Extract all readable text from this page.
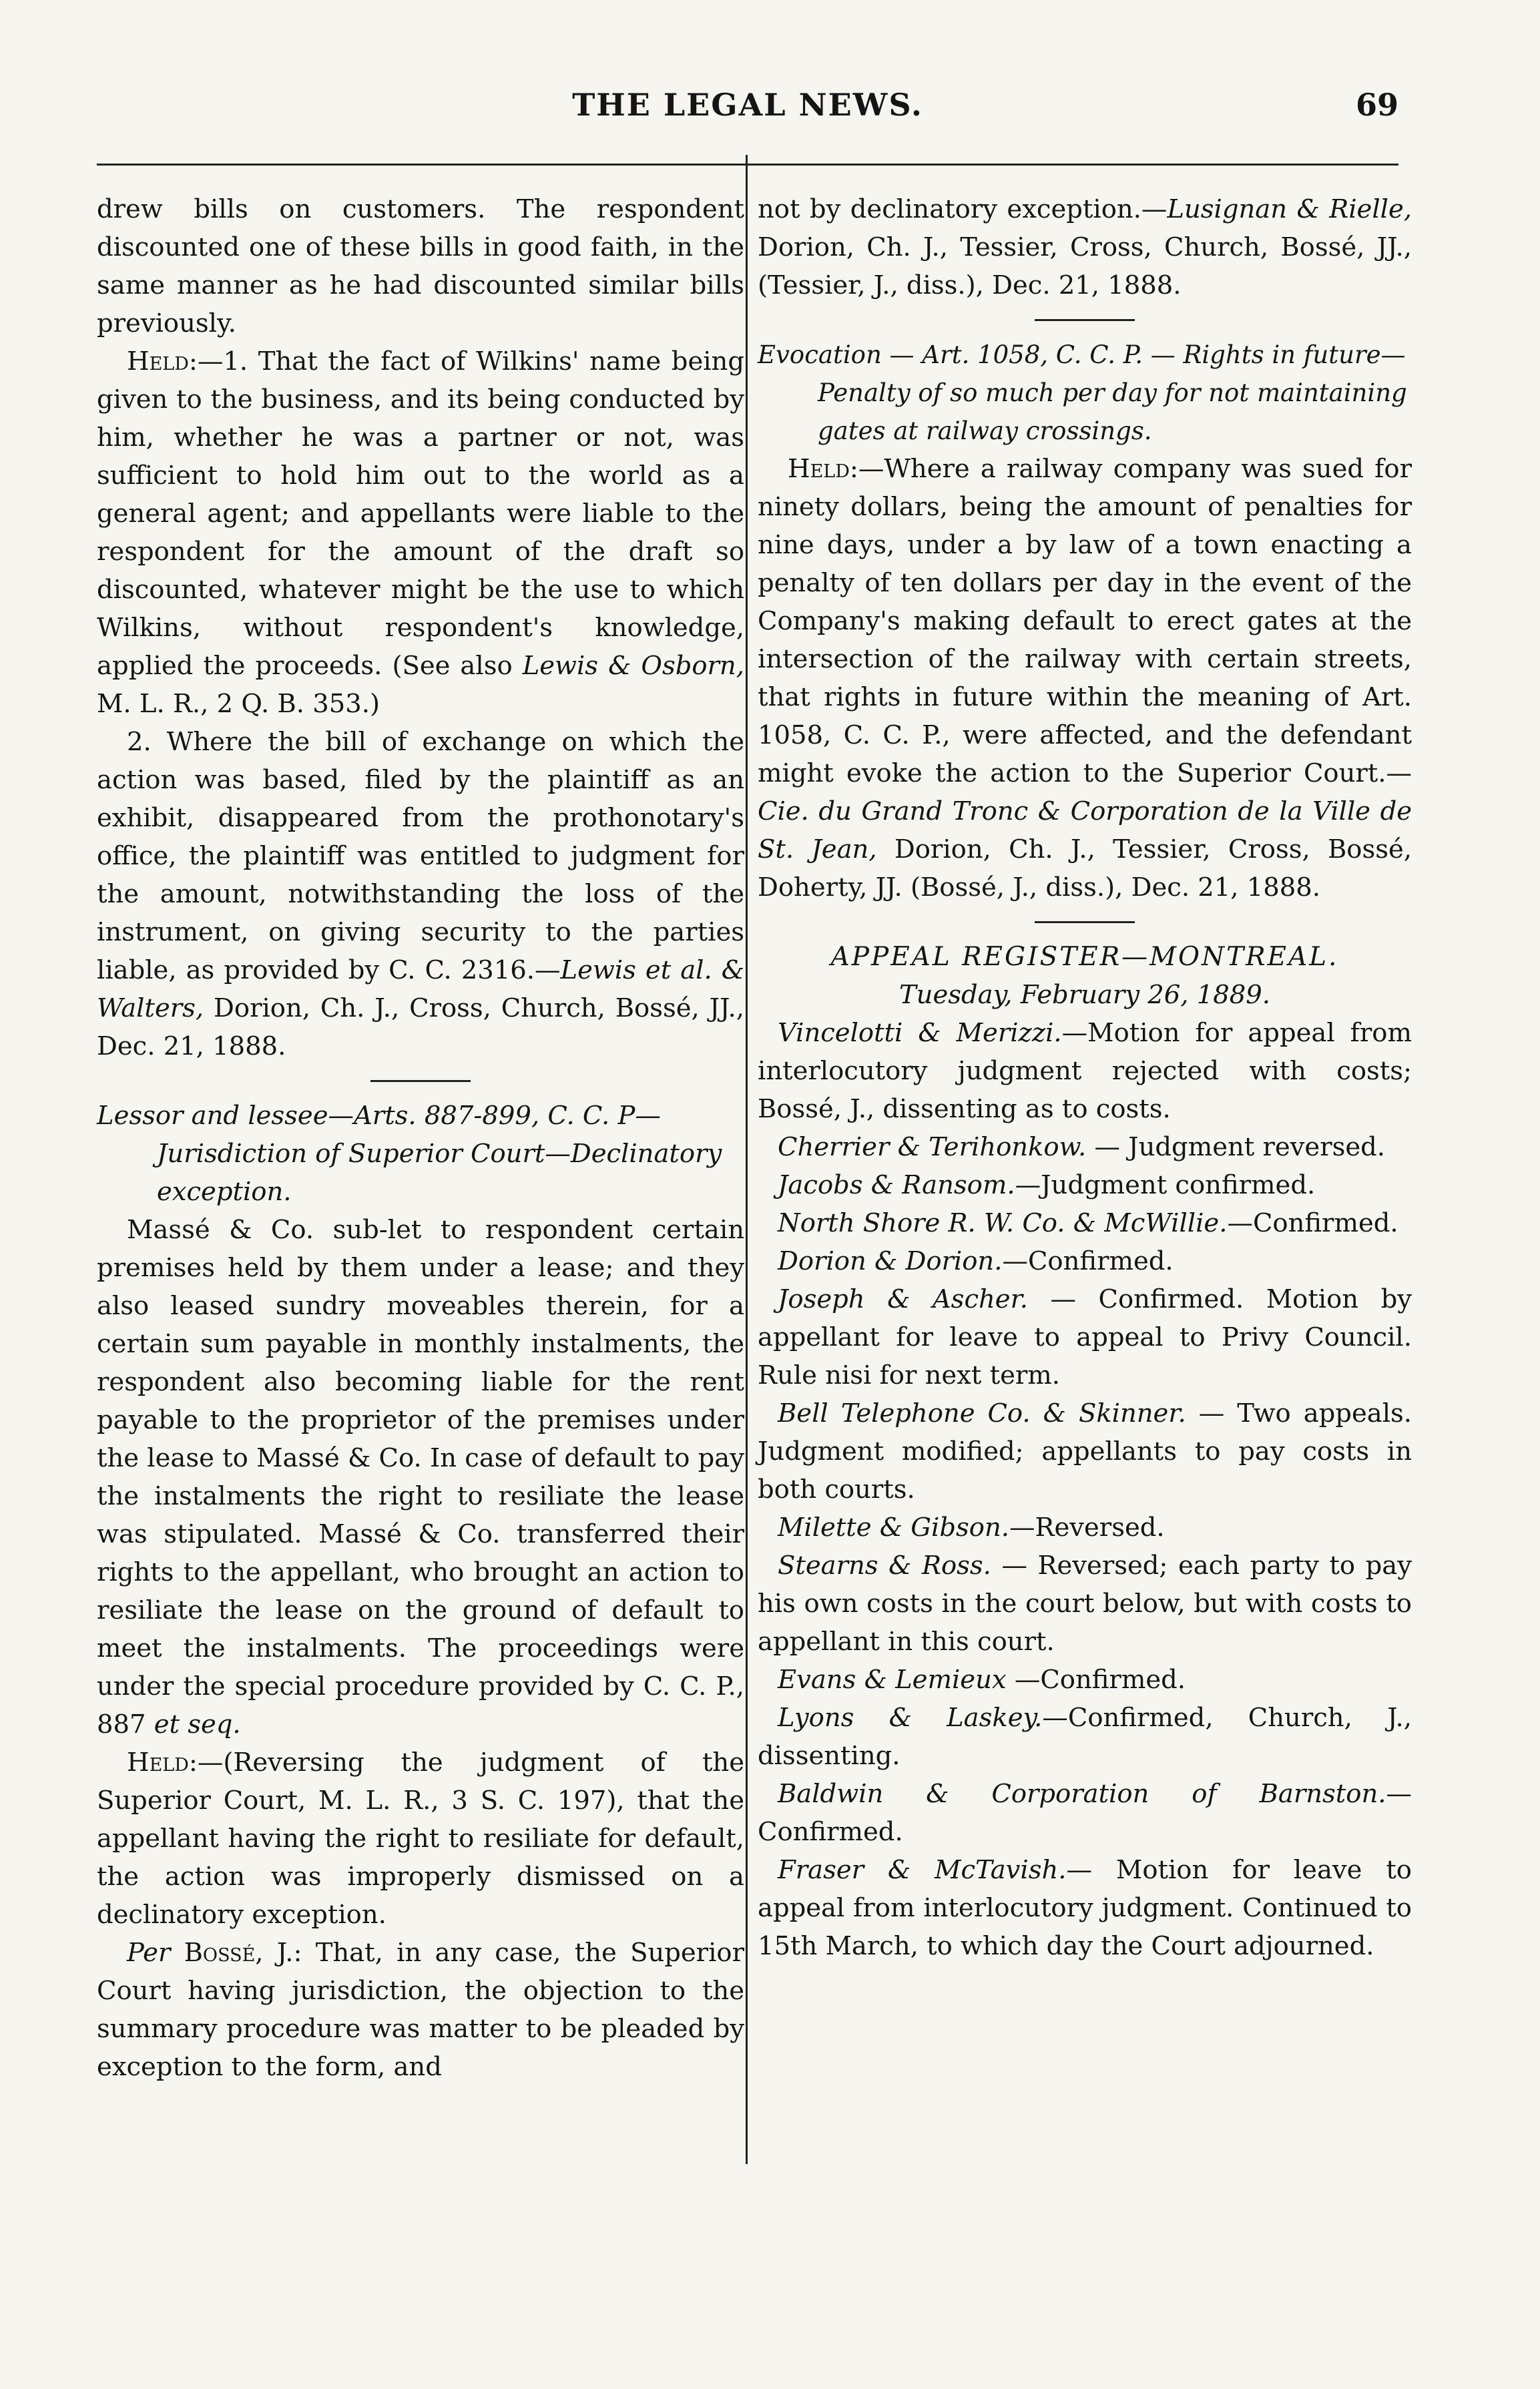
THE LEGAL NEWS.	69

drew bills on customers. The respondent discounted one of these bills in good faith, in the same manner as he had discounted similar bills previously.

Held:—1. That the fact of Wilkins' name being given to the business, and its being conducted by him, whether he was a partner or not, was sufficient to hold him out to the world as a general agent; and appellants were liable to the respondent for the amount of the draft so discounted, whatever might be the use to which Wilkins, without respondent's knowledge, applied the proceeds. (See also Lewis & Osborn, M. L. R., 2 Q. B. 353.)

2. Where the bill of exchange on which the action was based, filed by the plaintiff as an exhibit, disappeared from the prothonotary's office, the plaintiff was entitled to judgment for the amount, notwithstanding the loss of the instrument, on giving security to the parties liable, as provided by C. C. 2316.—Lewis et al. & Walters, Dorion, Ch. J., Cross, Church, Bossé, JJ., Dec. 21, 1888.

Lessor and lessee—Arts. 887-899, C. C. P—Jurisdiction of Superior Court—Declinatory exception.

Massé & Co. sub-let to respondent certain premises held by them under a lease; and they also leased sundry moveables therein, for a certain sum payable in monthly instalments, the respondent also becoming liable for the rent payable to the proprietor of the premises under the lease to Massé & Co. In case of default to pay the instalments the right to resiliate the lease was stipulated. Massé & Co. transferred their rights to the appellant, who brought an action to resiliate the lease on the ground of default to meet the instalments. The proceedings were under the special procedure provided by C. C. P., 887 et seq.

Held:—(Reversing the judgment of the Superior Court, M. L. R., 3 S. C. 197), that the appellant having the right to resiliate for default, the action was improperly dismissed on a declinatory exception.

Per Bossé, J.: That, in any case, the Superior Court having jurisdiction, the objection to the summary procedure was matter to be pleaded by exception to the form, and

not by declinatory exception.—Lusignan & Rielle, Dorion, Ch. J., Tessier, Cross, Church, Bossé, JJ., (Tessier, J., diss.), Dec. 21, 1888.

Evocation — Art. 1058, C. C. P. — Rights in future—Penalty of so much per day for not maintaining gates at railway crossings.

Held:—Where a railway company was sued for ninety dollars, being the amount of penalties for nine days, under a by law of a town enacting a penalty of ten dollars per day in the event of the Company's making default to erect gates at the intersection of the railway with certain streets, that rights in future within the meaning of Art. 1058, C. C. P., were affected, and the defendant might evoke the action to the Superior Court.—Cie. du Grand Tronc & Corporation de la Ville de St. Jean, Dorion, Ch. J., Tessier, Cross, Bossé, Doherty, JJ. (Bossé, J., diss.), Dec. 21, 1888.

APPEAL REGISTER—MONTREAL.

Tuesday, February 26, 1889.

Vincelotti & Merizzi.—Motion for appeal from interlocutory judgment rejected with costs; Bossé, J., dissenting as to costs.

Cherrier & Terihonkow. — Judgment reversed.

Jacobs & Ransom.—Judgment confirmed.

North Shore R. W. Co. & McWillie.—Confirmed.

Dorion & Dorion.—Confirmed.

Joseph & Ascher. — Confirmed. Motion by appellant for leave to appeal to Privy Council. Rule nisi for next term.

Bell Telephone Co. & Skinner. — Two appeals. Judgment modified; appellants to pay costs in both courts.

Milette & Gibson.—Reversed.

Stearns & Ross. — Reversed; each party to pay his own costs in the court below, but with costs to appellant in this court.

Evans & Lemieux —Confirmed.

Lyons & Laskey.—Confirmed, Church, J., dissenting.

Baldwin & Corporation of Barnston.—Confirmed.

Fraser & McTavish.— Motion for leave to appeal from interlocutory judgment. Continued to 15th March, to which day the Court adjourned.
